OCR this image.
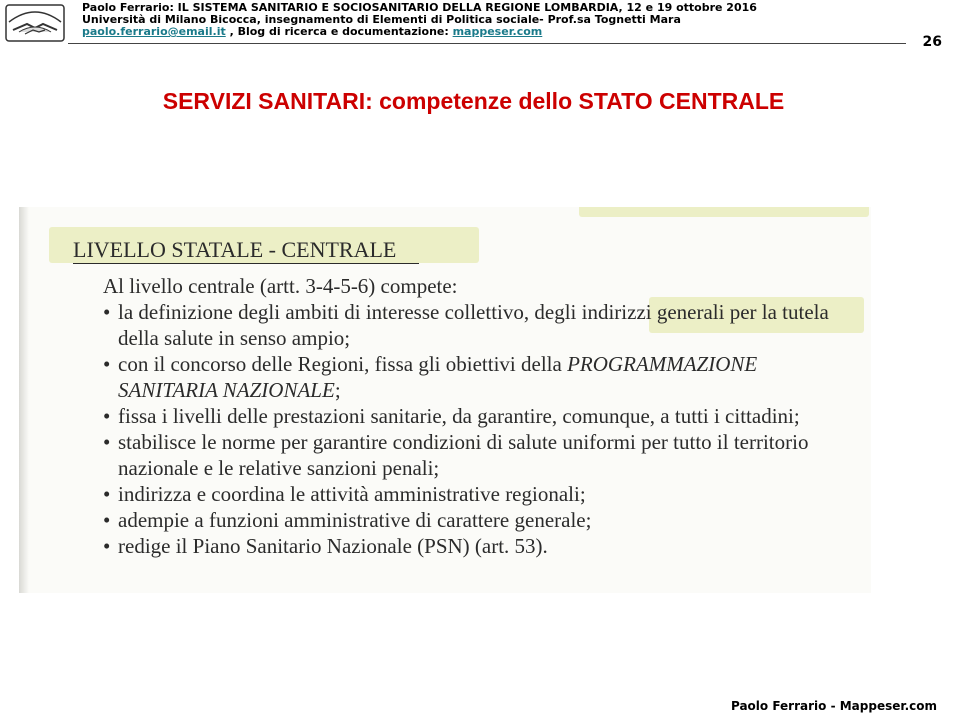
Paolo Ferrario: IL SISTEMA SANITARIO E SOCIOSANITARIO DELLA REGIONE LOMBARDIA, 12 e 19 ottobre 2016
Università di Milano Bicocca, insegnamento di Elementi di Politica sociale- Prof.sa Tognetti Mara
paolo.ferrario@email.it , Blog di ricerca e documentazione: mappeser.com
26
SERVIZI SANITARI: competenze dello STATO CENTRALE
LIVELLO STATALE - CENTRALE
Al livello centrale (artt. 3-4-5-6) compete:
• la definizione degli ambiti di interesse collettivo, degli indirizzi generali per la tutela della salute in senso ampio;
• con il concorso delle Regioni, fissa gli obiettivi della PROGRAMMAZIONE SANITARIA NAZIONALE;
• fissa i livelli delle prestazioni sanitarie, da garantire, comunque, a tutti i cittadini;
• stabilisce le norme per garantire condizioni di salute uniformi per tutto il territorio nazionale e le relative sanzioni penali;
• indirizza e coordina le attività amministrative regionali;
• adempie a funzioni amministrative di carattere generale;
• redige il Piano Sanitario Nazionale (PSN) (art. 53).
Paolo Ferrario - Mappeser.com
